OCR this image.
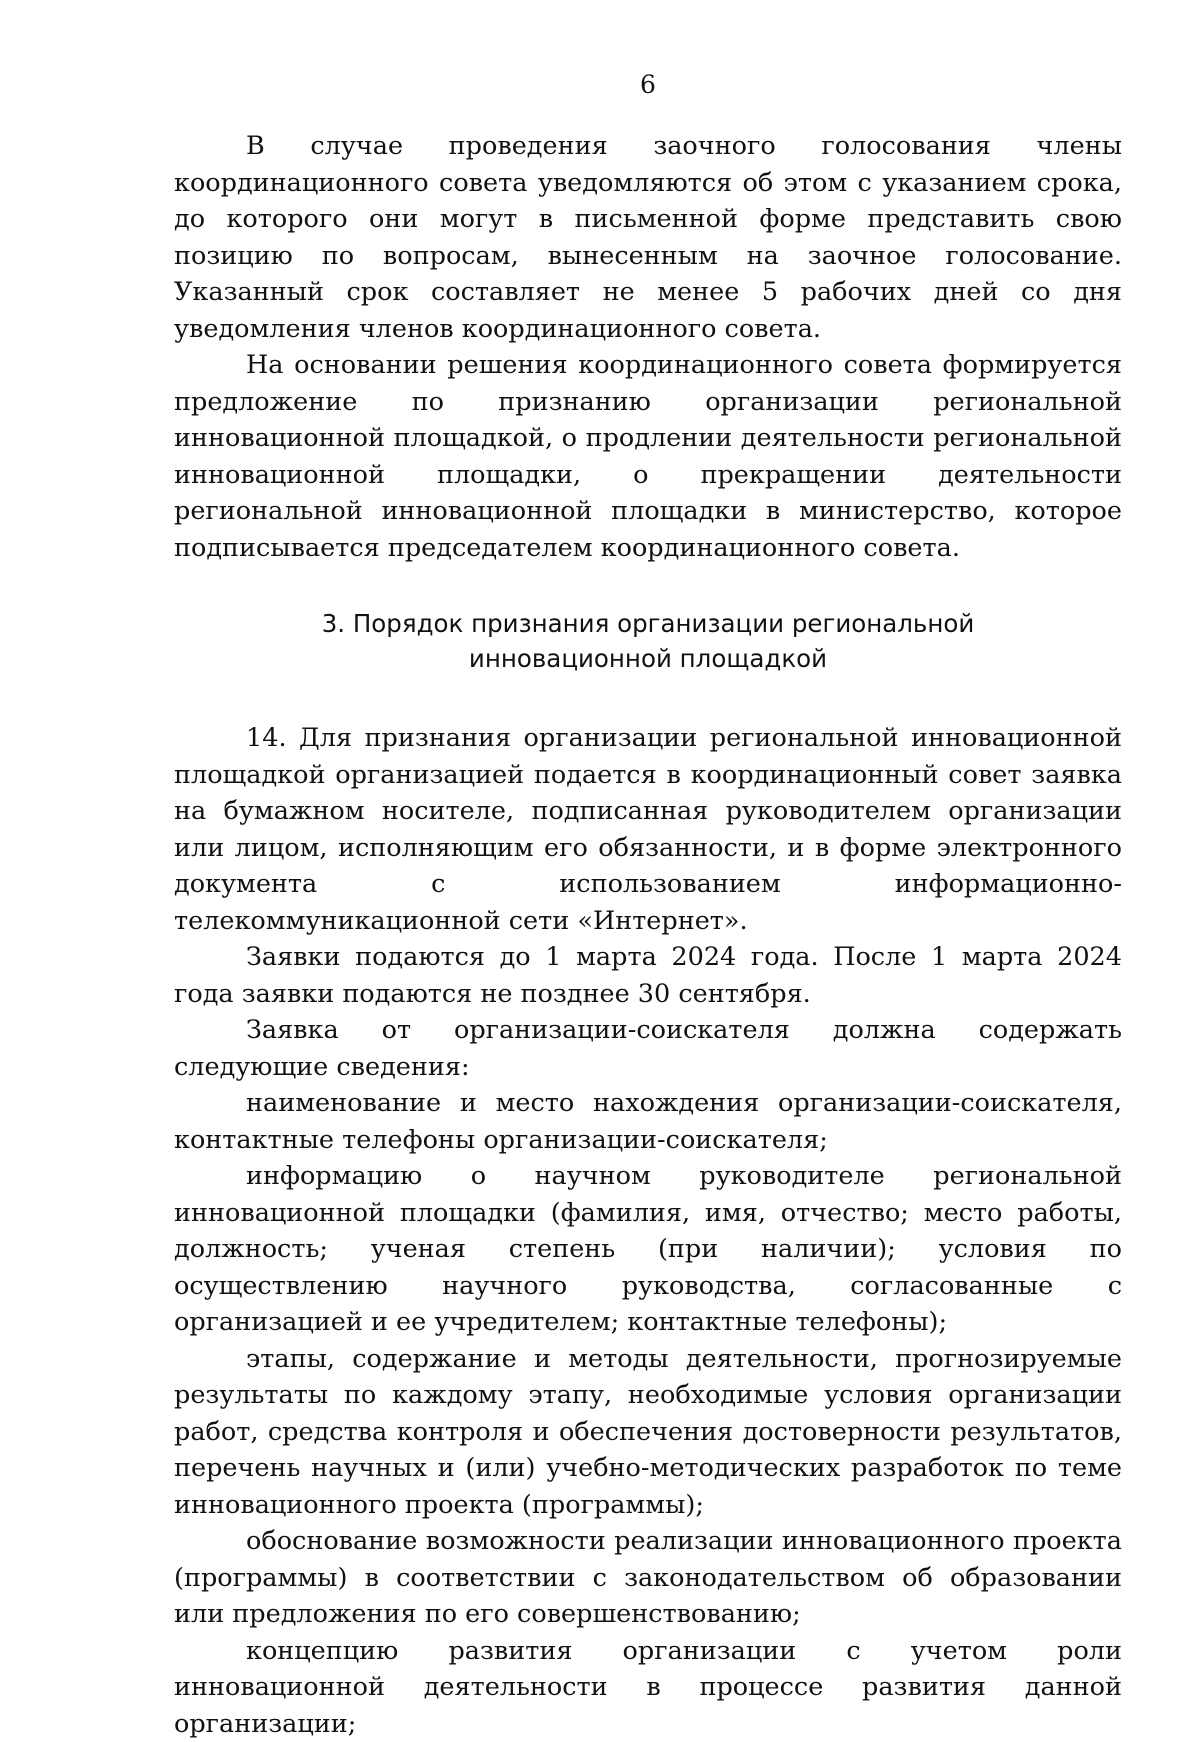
6

В случае проведения заочного голосования члены координационного совета уведомляются об этом с указанием срока, до которого они могут в письменной форме представить свою позицию по вопросам, вынесенным на заочное голосование. Указанный срок составляет не менее 5 рабочих дней со дня уведомления членов координационного совета.

На основании решения координационного совета формируется предложение по признанию организации региональной инновационной площадкой, о продлении деятельности региональной инновационной площадки, о прекращении деятельности региональной инновационной площадки в министерство, которое подписывается председателем координационного совета.

3. Порядок признания организации региональной
инновационной площадкой

14. Для признания организации региональной инновационной площадкой организацией подается в координационный совет заявка на бумажном носителе, подписанная руководителем организации или лицом, исполняющим его обязанности, и в форме электронного документа с использованием информационно-телекоммуникационной сети «Интернет».

Заявки подаются до 1 марта 2024 года. После 1 марта 2024 года заявки подаются не позднее 30 сентября.

Заявка от организации-соискателя должна содержать следующие сведения:

наименование и место нахождения организации-соискателя, контактные телефоны организации-соискателя;

информацию о научном руководителе региональной инновационной площадки (фамилия, имя, отчество; место работы, должность; ученая степень (при наличии); условия по осуществлению научного руководства, согласованные с организацией и ее учредителем; контактные телефоны);

этапы, содержание и методы деятельности, прогнозируемые результаты по каждому этапу, необходимые условия организации работ, средства контроля и обеспечения достоверности результатов, перечень научных и (или) учебно-методических разработок по теме инновационного проекта (программы);

обоснование возможности реализации инновационного проекта (программы) в соответствии с законодательством об образовании или предложения по его совершенствованию;

концепцию развития организации с учетом роли инновационной деятельности в процессе развития данной организации;
